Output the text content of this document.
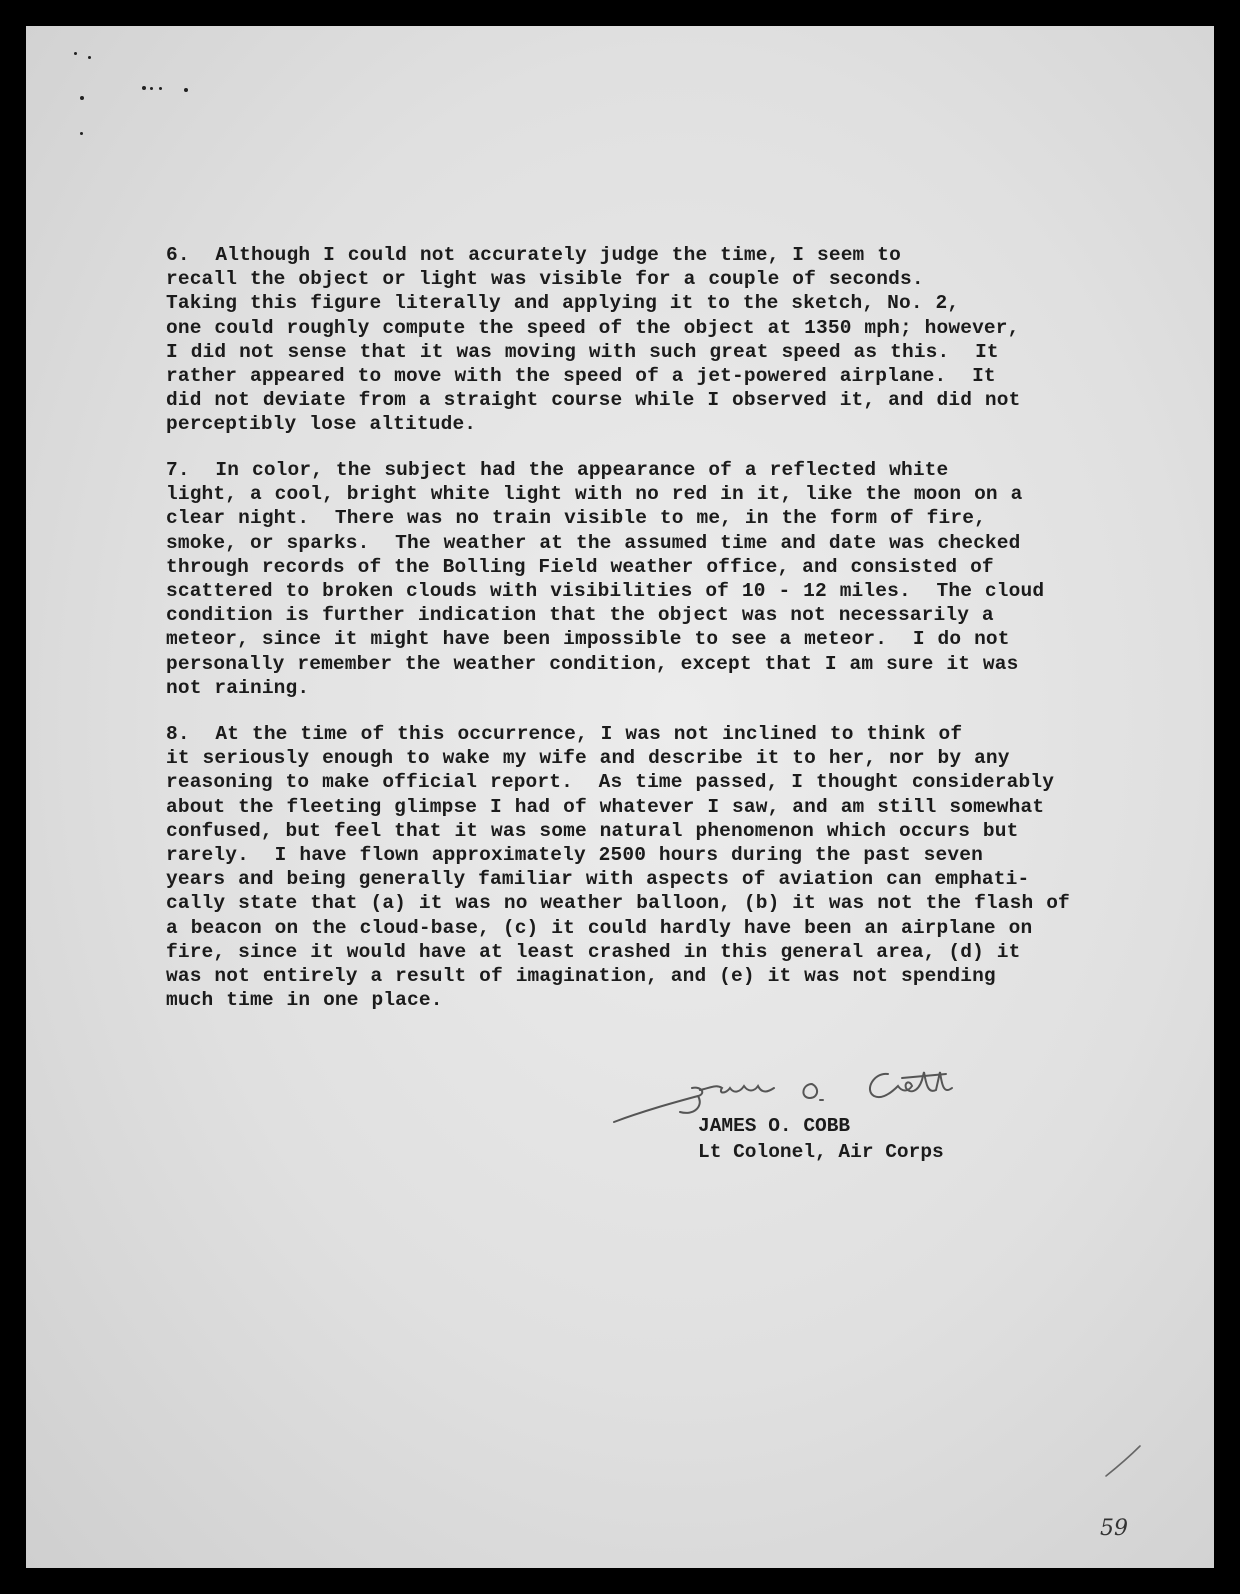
6.  Although I could not accurately judge the time, I seem to
recall the object or light was visible for a couple of seconds.
Taking this figure literally and applying it to the sketch, No. 2,
one could roughly compute the speed of the object at 1350 mph; however,
I did not sense that it was moving with such great speed as this.  It
rather appeared to move with the speed of a jet-powered airplane.  It
did not deviate from a straight course while I observed it, and did not
perceptibly lose altitude.
7.  In color, the subject had the appearance of a reflected white
light, a cool, bright white light with no red in it, like the moon on a
clear night.  There was no train visible to me, in the form of fire,
smoke, or sparks.  The weather at the assumed time and date was checked
through records of the Bolling Field weather office, and consisted of
scattered to broken clouds with visibilities of 10 - 12 miles.  The cloud
condition is further indication that the object was not necessarily a
meteor, since it might have been impossible to see a meteor.  I do not
personally remember the weather condition, except that I am sure it was
not raining.
8.  At the time of this occurrence, I was not inclined to think of
it seriously enough to wake my wife and describe it to her, nor by any
reasoning to make official report.  As time passed, I thought considerably
about the fleeting glimpse I had of whatever I saw, and am still somewhat
confused, but feel that it was some natural phenomenon which occurs but
rarely.  I have flown approximately 2500 hours during the past seven
years and being generally familiar with aspects of aviation can emphati-
cally state that (a) it was no weather balloon, (b) it was not the flash of
a beacon on the cloud-base, (c) it could hardly have been an airplane on
fire, since it would have at least crashed in this general area, (d) it
was not entirely a result of imagination, and (e) it was not spending
much time in one place.
JAMES O. COBB
Lt Colonel, Air Corps
59
